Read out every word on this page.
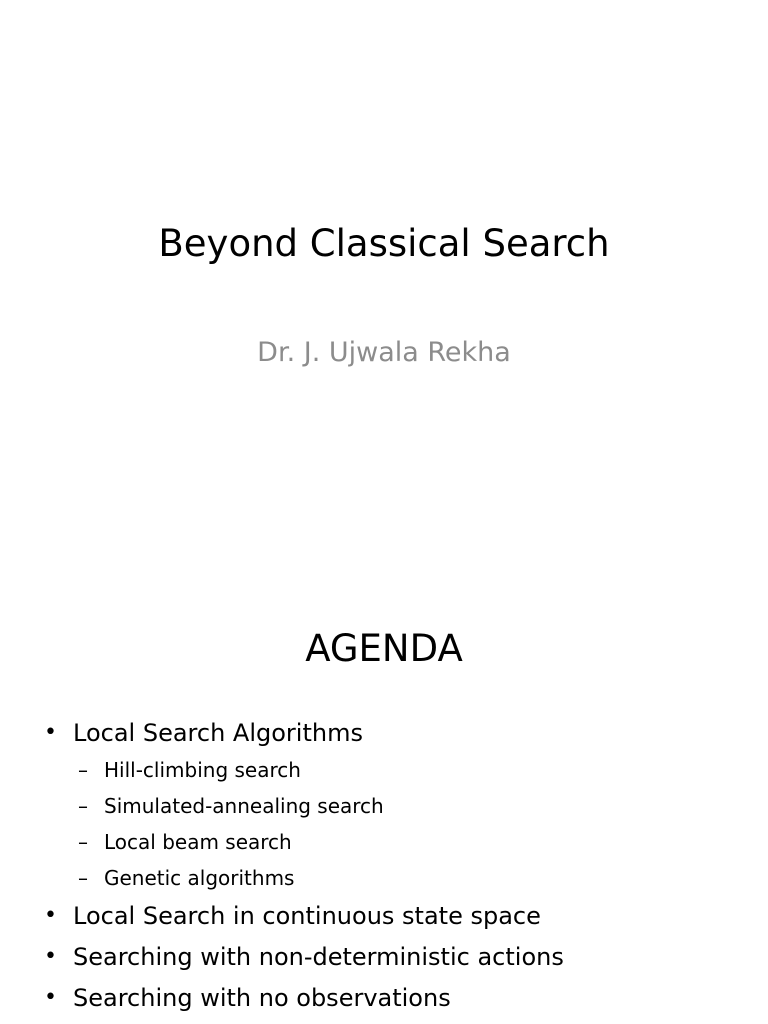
Beyond Classical Search
Dr. J. Ujwala Rekha
AGENDA
• Local Search Algorithms
– Hill-climbing search
– Simulated-annealing search
– Local beam search
– Genetic algorithms
• Local Search in continuous state space
• Searching with non-deterministic actions
• Searching with no observations
